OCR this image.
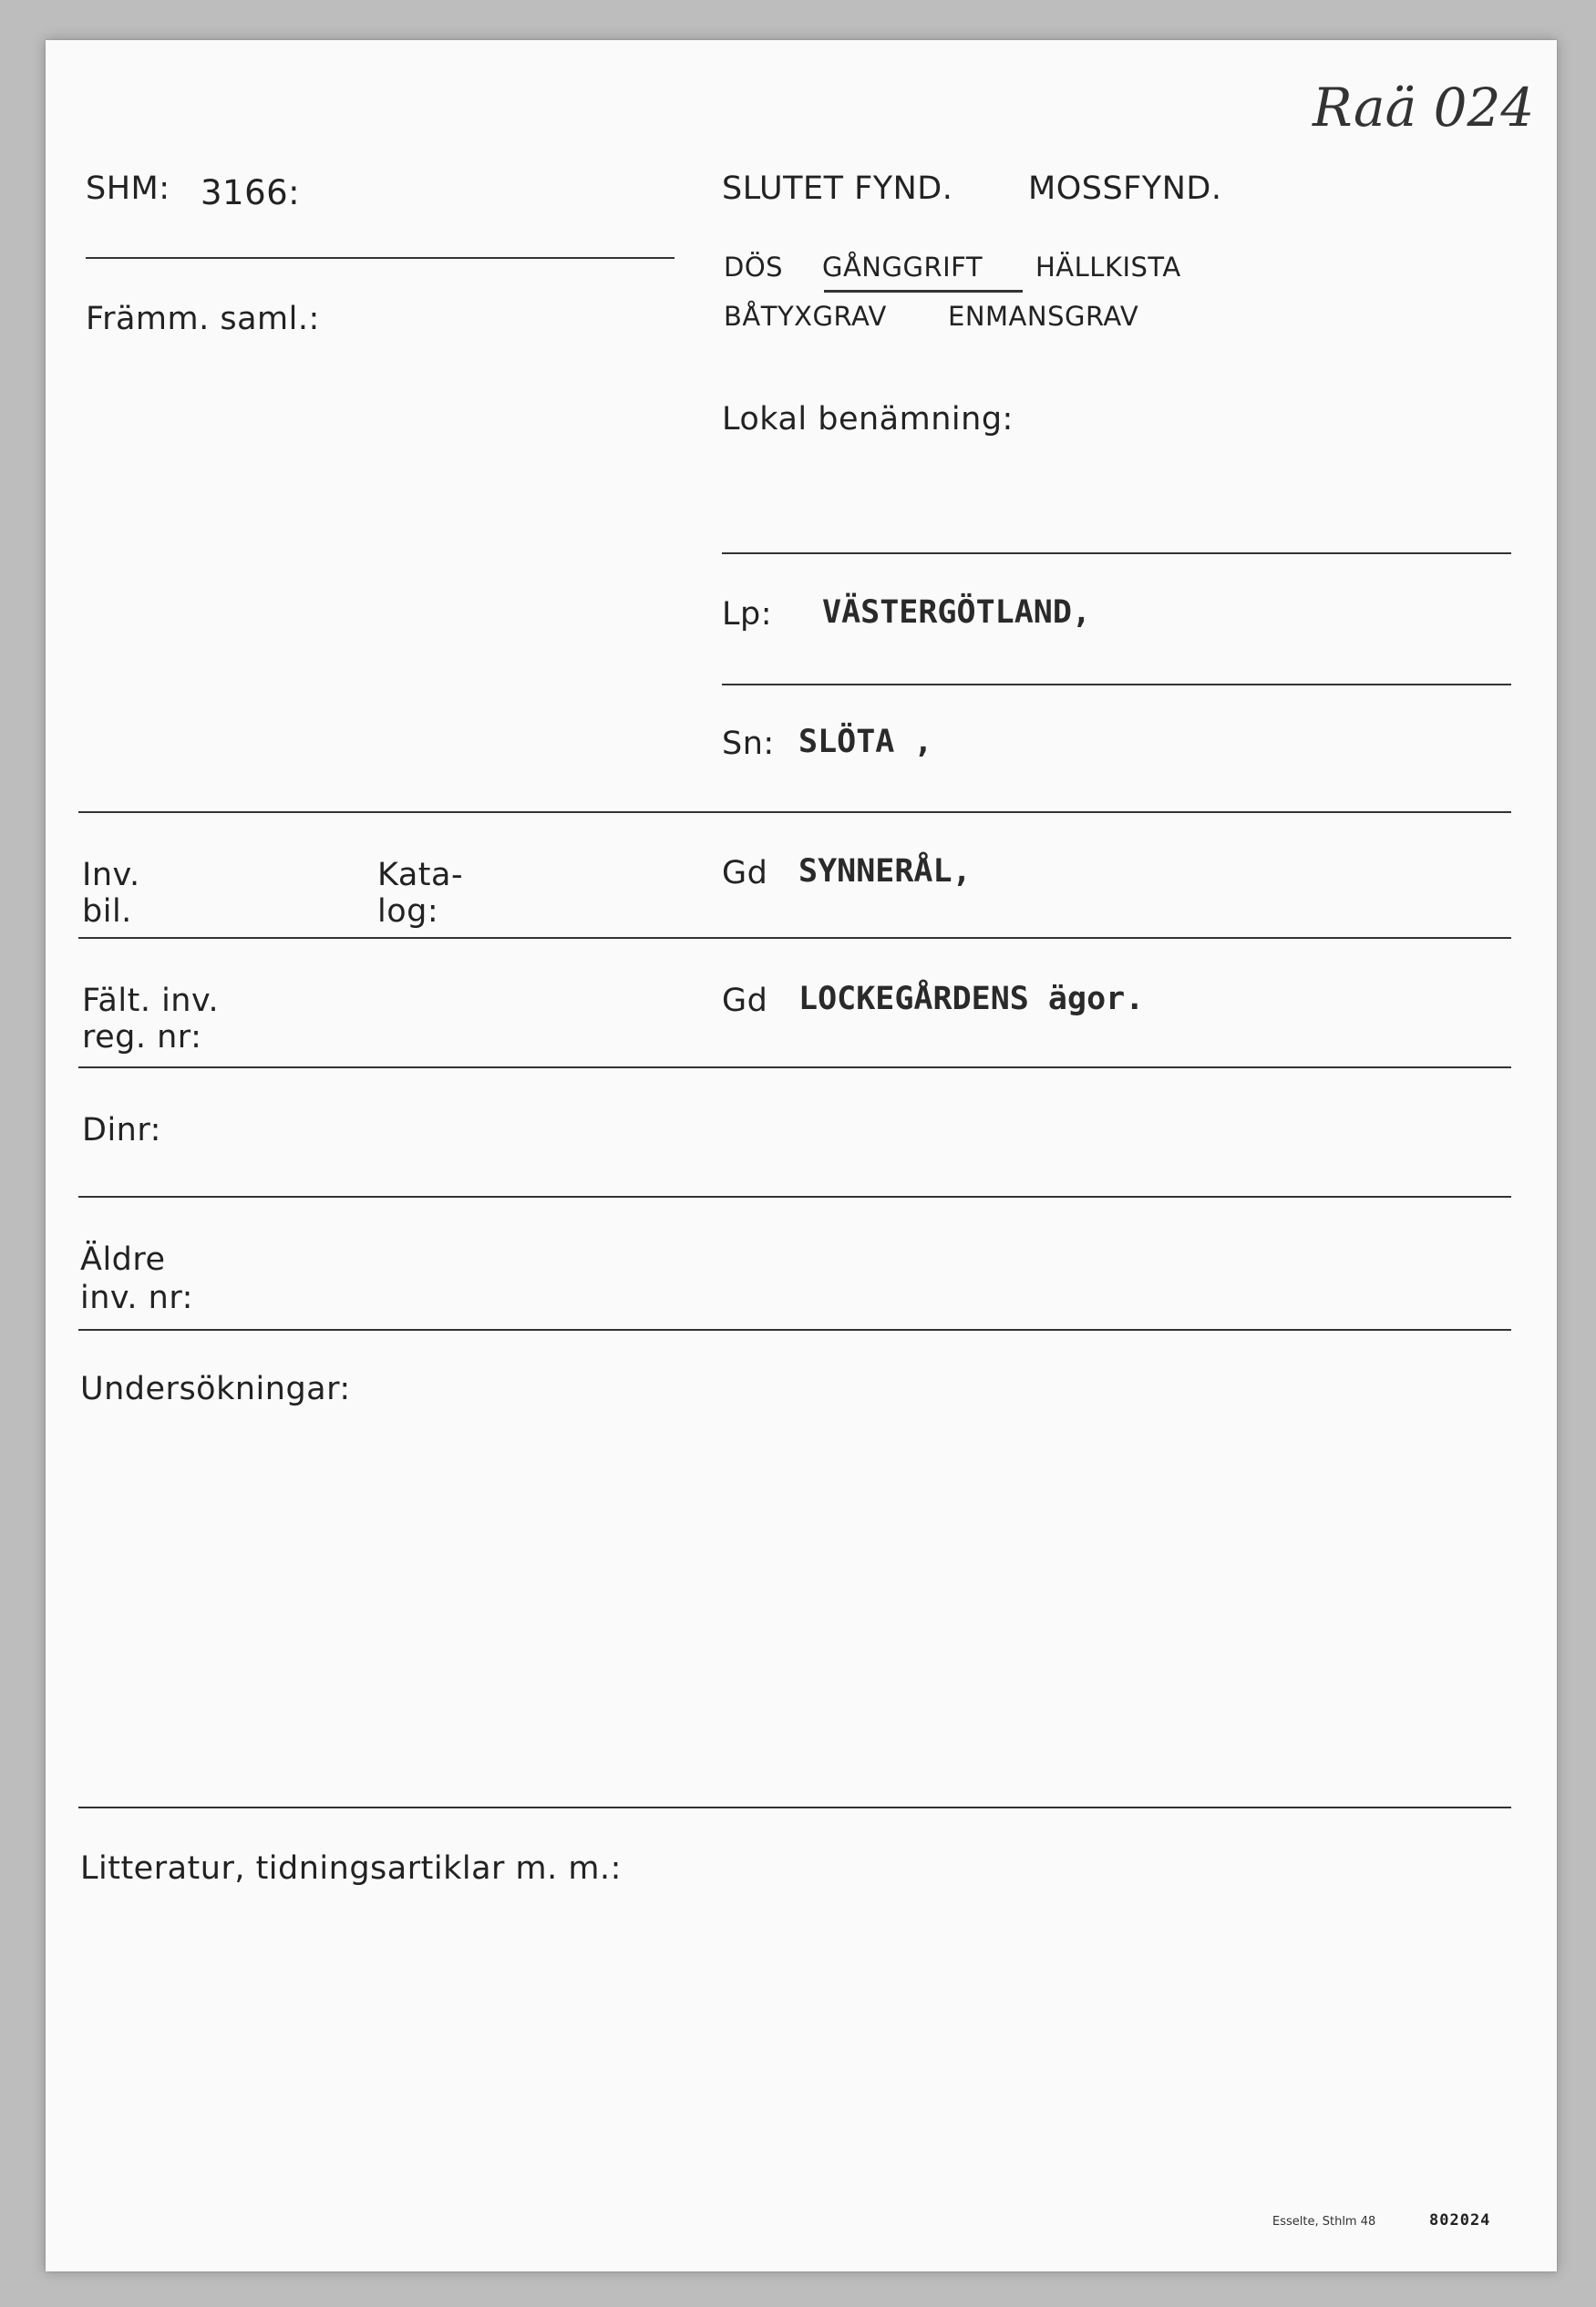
Raä 024
SHM: 3166:
Främm. saml.:
SLUTET FYND. MOSSFYND.
DÖS GÅNGGRIFT HÄLLKISTA
BÅTYXGRAV ENMANSGRAV
Lokal benämning:
Lp: VÄSTERGÖTLAND,
Sn: SLÖTA ,
Inv.
bil.
Kata-
log:
Gd SYNNERÅL,
Fält. inv.
reg. nr:
Gd LOCKEGÅRDENS ägor.
Dinr:
Äldre
inv. nr:
Undersökningar:
Litteratur, tidningsartiklar m. m.:
Esselte, Sthlm 48	802024
